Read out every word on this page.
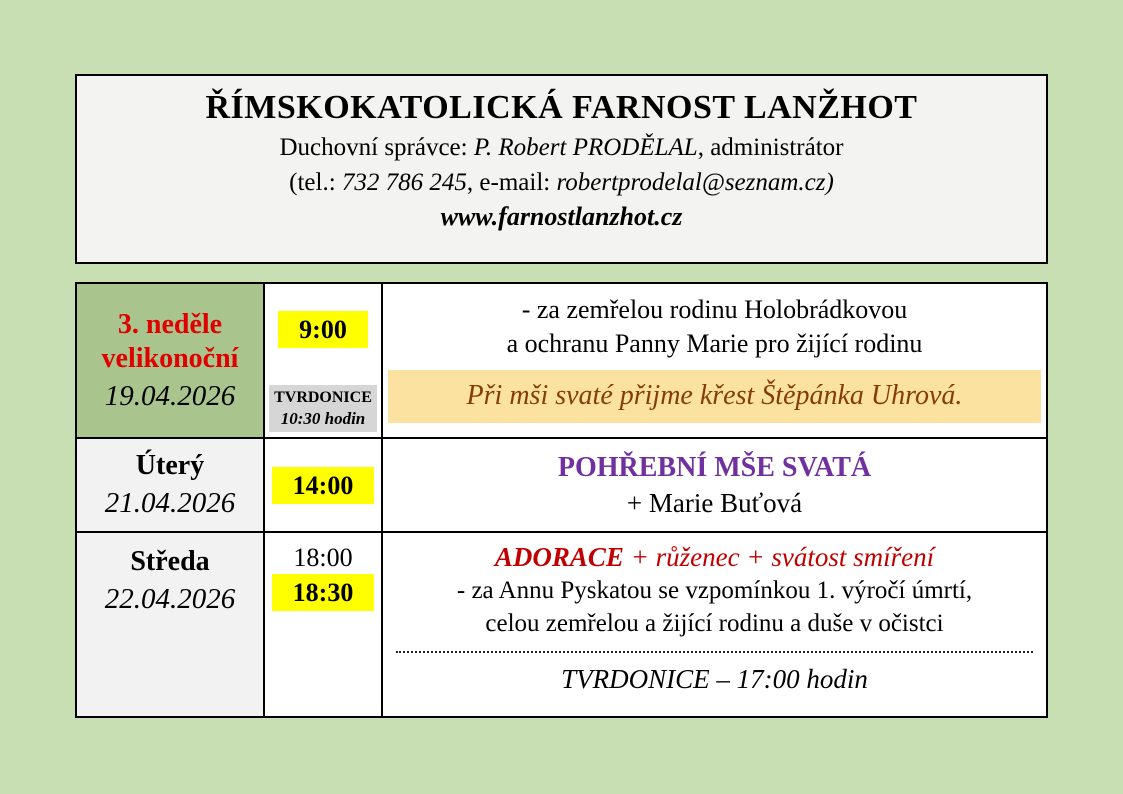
ŘÍMSKOKATOLICKÁ FARNOST LANŽHOT
Duchovní správce: P. Robert PRODĚLAL, administrátor
(tel.: 732 786 245, e-mail: robertprodelal@seznam.cz)
www.farnostlanzhot.cz
3. neděle
velikonoční
19.04.2026
9:00
TVRDONICE
10:30 hodin
- za zemřelou rodinu Holobrádkovou
a ochranu Panny Marie pro žijící rodinu
Při mši svaté přijme křest Štěpánka Uhrová.
Úterý
21.04.2026
14:00
POHŘEBNÍ MŠE SVATÁ
+ Marie Buťová
Středa
22.04.2026
18:00
18:30
ADORACE + růženec + svátost smíření
- za Annu Pyskatou se vzpomínkou 1. výročí úmrtí,
celou zemřelou a žijící rodinu a duše v očistci
TVRDONICE – 17:00 hodin
